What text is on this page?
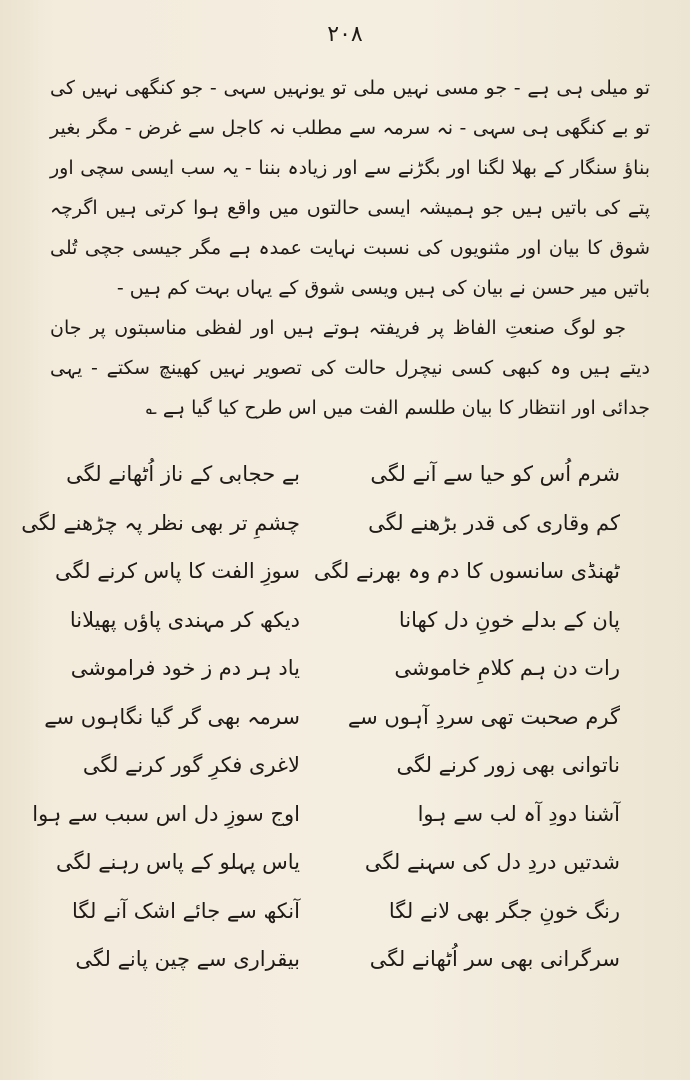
۲۰۸

تو میلی ہی ہے - جو مسی نہیں ملی تو یونہیں سہی - جو کنگھی نہیں کی تو بے کنگھی ہی سہی - نہ سرمہ سے مطلب نہ کاجل سے غرض - مگر بغیر بناؤ سنگار کے بھلا لگنا اور بگڑنے سے اور زیادہ بننا - یہ سب ایسی سچی اور پتے کی باتیں ہیں جو ہمیشہ ایسی حالتوں میں واقع ہوا کرتی ہیں اگرچہ شوق کا بیان اور مثنویوں کی نسبت نہایت عمدہ ہے مگر جیسی جچی تُلی باتیں میر حسن نے بیان کی ہیں ویسی شوق کے یہاں بہت کم ہیں -

جو لوگ صنعتِ الفاظ پر فریفتہ ہوتے ہیں اور لفظی مناسبتوں پر جان دیتے ہیں وہ کبھی کسی نیچرل حالت کی تصویر نہیں کھینچ سکتے - یہی جدائی اور انتظار کا بیان طلسم الفت میں اس طرح کیا گیا ہے ؎

شرم اُس کو حیا سے آنے لگی
بے حجابی کے ناز اُٹھانے لگی
کم وقاری کی قدر بڑھنے لگی
چشمِ تر بھی نظر پہ چڑھنے لگی
ٹھنڈی سانسوں کا دم وہ بھرنے لگی
سوزِ الفت کا پاس کرنے لگی
پان کے بدلے خونِ دل کھانا
دیکھ کر مہندی پاؤں پھیلانا
رات دن ہم کلامِ خاموشی
یاد ہر دم ز خود فراموشی
گرم صحبت تھی سردِ آہوں سے
سرمہ بھی گر گیا نگاہوں سے
ناتوانی بھی زور کرنے لگی
لاغری فکرِ گور کرنے لگی
آشنا دودِ آہ لب سے ہوا
اوج سوزِ دل اس سبب سے ہوا
شدتیں دردِ دل کی سہنے لگی
یاس پہلو کے پاس رہنے لگی
رنگ خونِ جگر بھی لانے لگا
آنکھ سے جائے اشک آنے لگا
سرگرانی بھی سر اُٹھانے لگی
بیقراری سے چین پانے لگی
